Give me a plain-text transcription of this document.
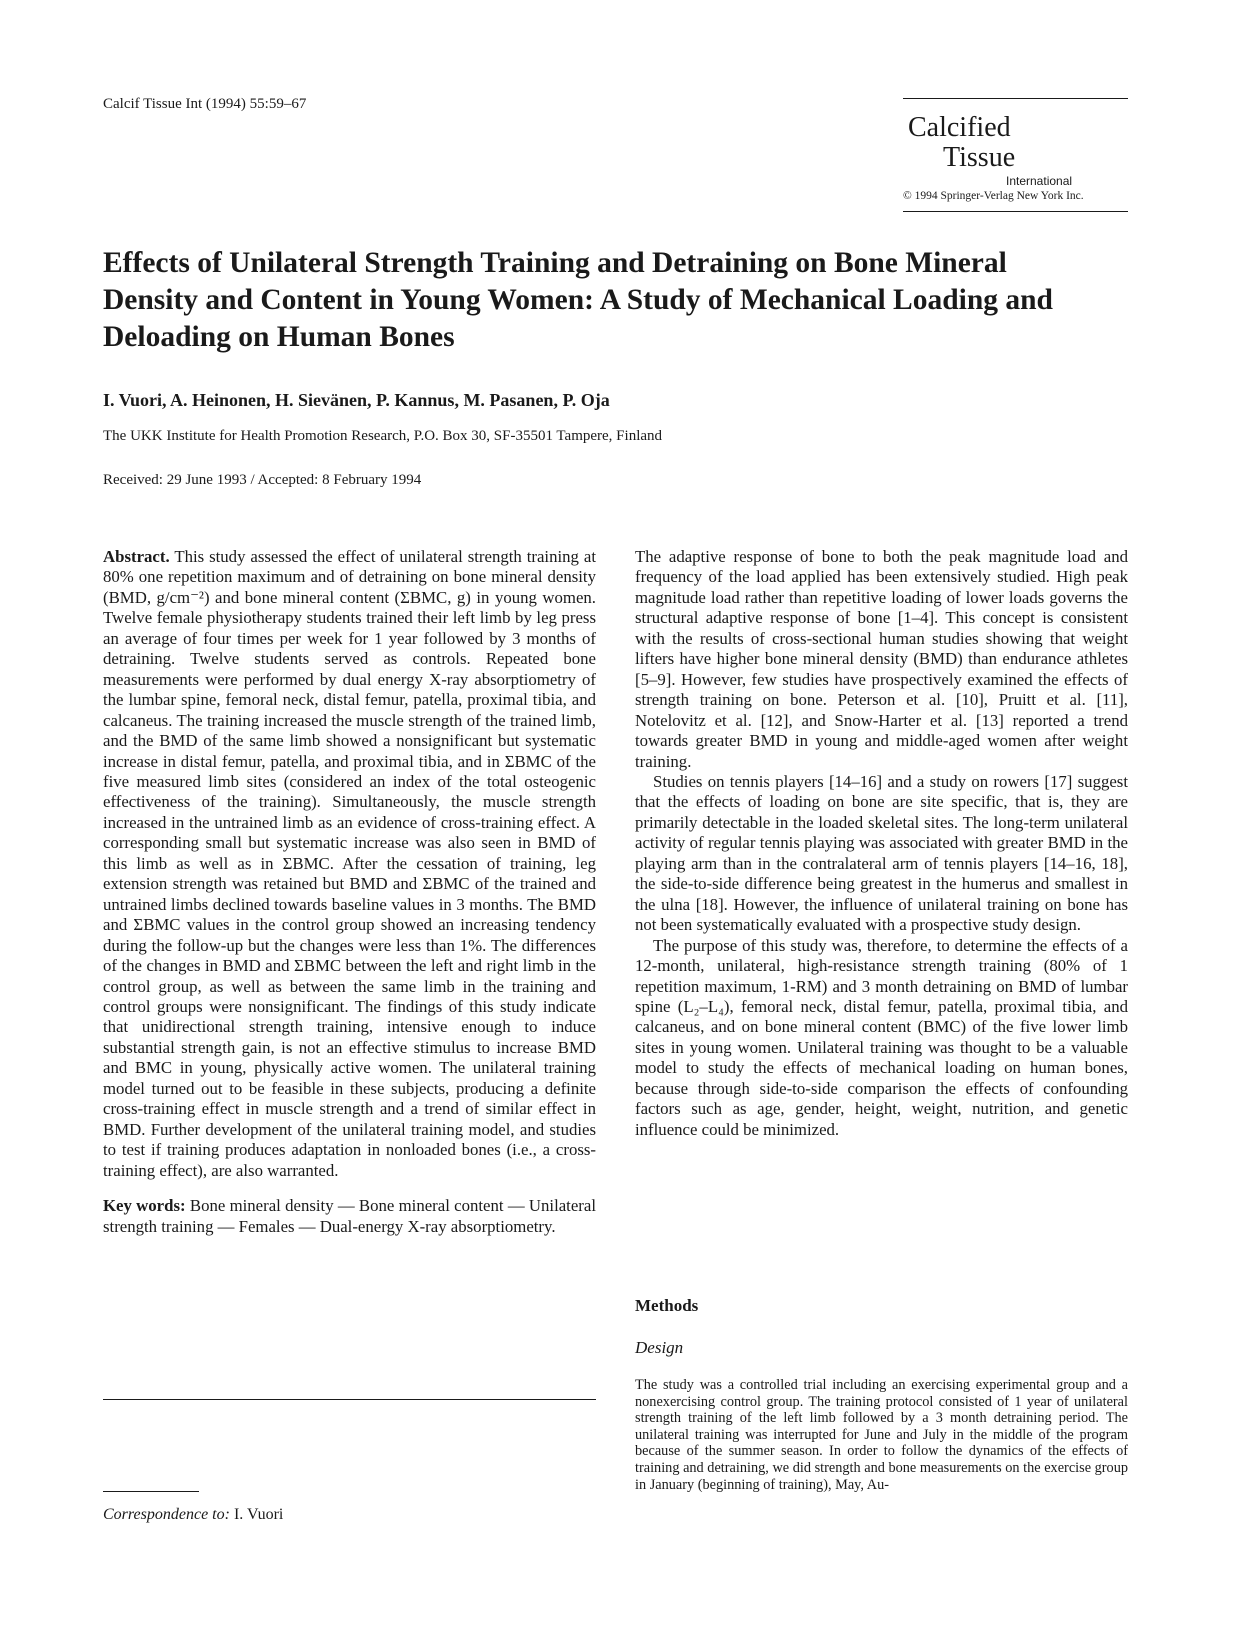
Calcif Tissue Int (1994) 55:59–67
Calcified
Tissue
International
© 1994 Springer-Verlag New York Inc.
Effects of Unilateral Strength Training and Detraining on Bone Mineral Density and Content in Young Women: A Study of Mechanical Loading and Deloading on Human Bones
I. Vuori, A. Heinonen, H. Sievänen, P. Kannus, M. Pasanen, P. Oja
The UKK Institute for Health Promotion Research, P.O. Box 30, SF-35501 Tampere, Finland
Received: 29 June 1993 / Accepted: 8 February 1994

Abstract. This study assessed the effect of unilateral strength training at 80% one repetition maximum and of detraining on bone mineral density (BMD, g/cm⁻²) and bone mineral content (ΣBMC, g) in young women. Twelve female physiotherapy students trained their left limb by leg press an average of four times per week for 1 year followed by 3 months of detraining. Twelve students served as controls. Repeated bone measurements were performed by dual energy X-ray absorptiometry of the lumbar spine, femoral neck, distal femur, patella, proximal tibia, and calcaneus. The training increased the muscle strength of the trained limb, and the BMD of the same limb showed a nonsignificant but systematic increase in distal femur, patella, and proximal tibia, and in ΣBMC of the five measured limb sites (considered an index of the total osteogenic effectiveness of the training). Simultaneously, the muscle strength increased in the untrained limb as an evidence of cross-training effect. A corresponding small but systematic increase was also seen in BMD of this limb as well as in ΣBMC. After the cessation of training, leg extension strength was retained but BMD and ΣBMC of the trained and untrained limbs declined towards baseline values in 3 months. The BMD and ΣBMC values in the control group showed an increasing tendency during the follow-up but the changes were less than 1%. The differences of the changes in BMD and ΣBMC between the left and right limb in the control group, as well as between the same limb in the training and control groups were nonsignificant. The findings of this study indicate that unidirectional strength training, intensive enough to induce substantial strength gain, is not an effective stimulus to increase BMD and BMC in young, physically active women. The unilateral training model turned out to be feasible in these subjects, producing a definite cross-training effect in muscle strength and a trend of similar effect in BMD. Further development of the unilateral training model, and studies to test if training produces adaptation in nonloaded bones (i.e., a cross-training effect), are also warranted.

Key words: Bone mineral density — Bone mineral content — Unilateral strength training — Females — Dual-energy X-ray absorptiometry.

Correspondence to: I. Vuori

The adaptive response of bone to both the peak magnitude load and frequency of the load applied has been extensively studied. High peak magnitude load rather than repetitive loading of lower loads governs the structural adaptive response of bone [1–4]. This concept is consistent with the results of cross-sectional human studies showing that weight lifters have higher bone mineral density (BMD) than endurance athletes [5–9]. However, few studies have prospectively examined the effects of strength training on bone. Peterson et al. [10], Pruitt et al. [11], Notelovitz et al. [12], and Snow-Harter et al. [13] reported a trend towards greater BMD in young and middle-aged women after weight training.

Studies on tennis players [14–16] and a study on rowers [17] suggest that the effects of loading on bone are site specific, that is, they are primarily detectable in the loaded skeletal sites. The long-term unilateral activity of regular tennis playing was associated with greater BMD in the playing arm than in the contralateral arm of tennis players [14–16, 18], the side-to-side difference being greatest in the humerus and smallest in the ulna [18]. However, the influence of unilateral training on bone has not been systematically evaluated with a prospective study design.

The purpose of this study was, therefore, to determine the effects of a 12-month, unilateral, high-resistance strength training (80% of 1 repetition maximum, 1-RM) and 3 month detraining on BMD of lumbar spine (L₂–L₄), femoral neck, distal femur, patella, proximal tibia, and calcaneus, and on bone mineral content (BMC) of the five lower limb sites in young women. Unilateral training was thought to be a valuable model to study the effects of mechanical loading on human bones, because through side-to-side comparison the effects of confounding factors such as age, gender, height, weight, nutrition, and genetic influence could be minimized.

Methods
Design

The study was a controlled trial including an exercising experimental group and a nonexercising control group. The training protocol consisted of 1 year of unilateral strength training of the left limb followed by a 3 month detraining period. The unilateral training was interrupted for June and July in the middle of the program because of the summer season. In order to follow the dynamics of the effects of training and detraining, we did strength and bone measurements on the exercise group in January (beginning of training), May, Au-
